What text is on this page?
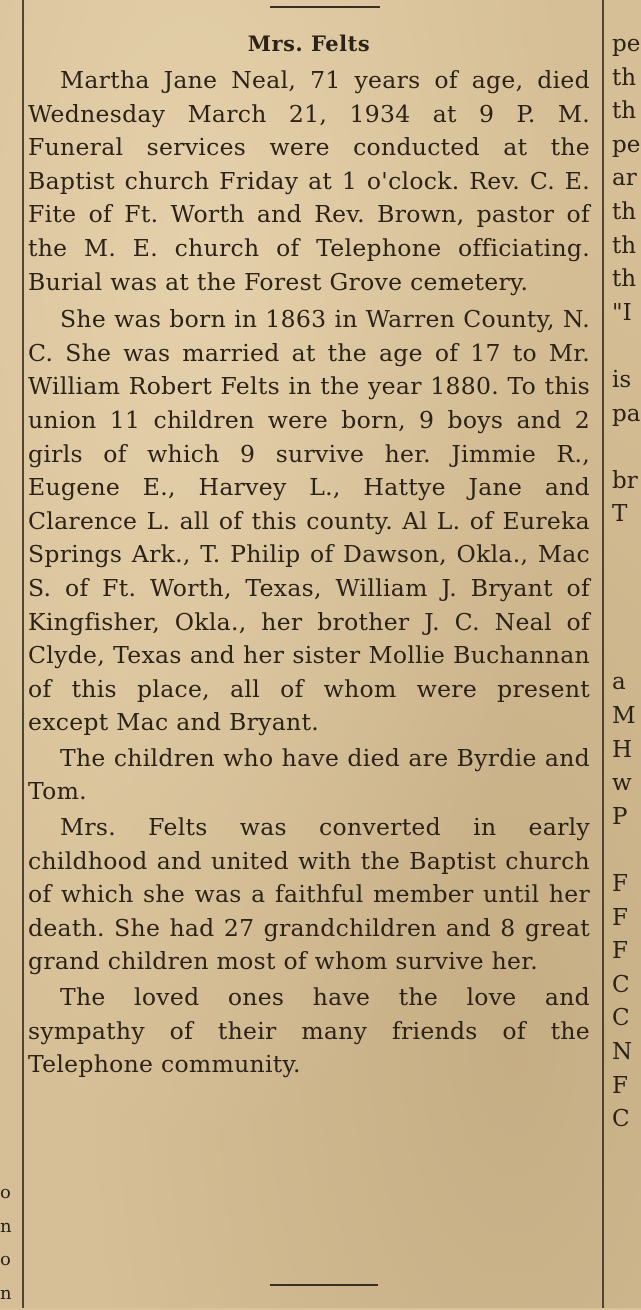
Mrs. Felts

Martha Jane Neal, 71 years of age, died Wednesday March 21, 1934 at 9 P. M. Funeral services were conducted at the Baptist church Friday at 1 o'clock. Rev. C. E. Fite of Ft. Worth and Rev. Brown, pastor of the M. E. church of Telephone officiating. Burial was at the Forest Grove cemetery.

She was born in 1863 in Warren County, N. C. She was married at the age of 17 to Mr. William Robert Felts in the year 1880. To this union 11 children were born, 9 boys and 2 girls of which 9 survive her. Jimmie R., Eugene E., Harvey L., Hattye Jane and Clarence L. all of this county. Al L. of Eureka Springs Ark., T. Philip of Dawson, Okla., Mac S. of Ft. Worth, Texas, William J. Bryant of Kingfisher, Okla., her brother J. C. Neal of Clyde, Texas and her sister Mollie Buchannan of this place, all of whom were present except Mac and Bryant.

The children who have died are Byrdie and Tom.

Mrs. Felts was converted in early childhood and united with the Baptist church of which she was a faithful member until her death. She had 27 grandchildren and 8 great grand children most of whom survive her.

The loved ones have the love and sympathy of their many friends of the Telephone community.

pe
th
th
pe
ar
th
th
th
"I
is
pa
br
T
a
M
H
w
P
F
F
F
C
C
N
F
C
o
n
o
n
